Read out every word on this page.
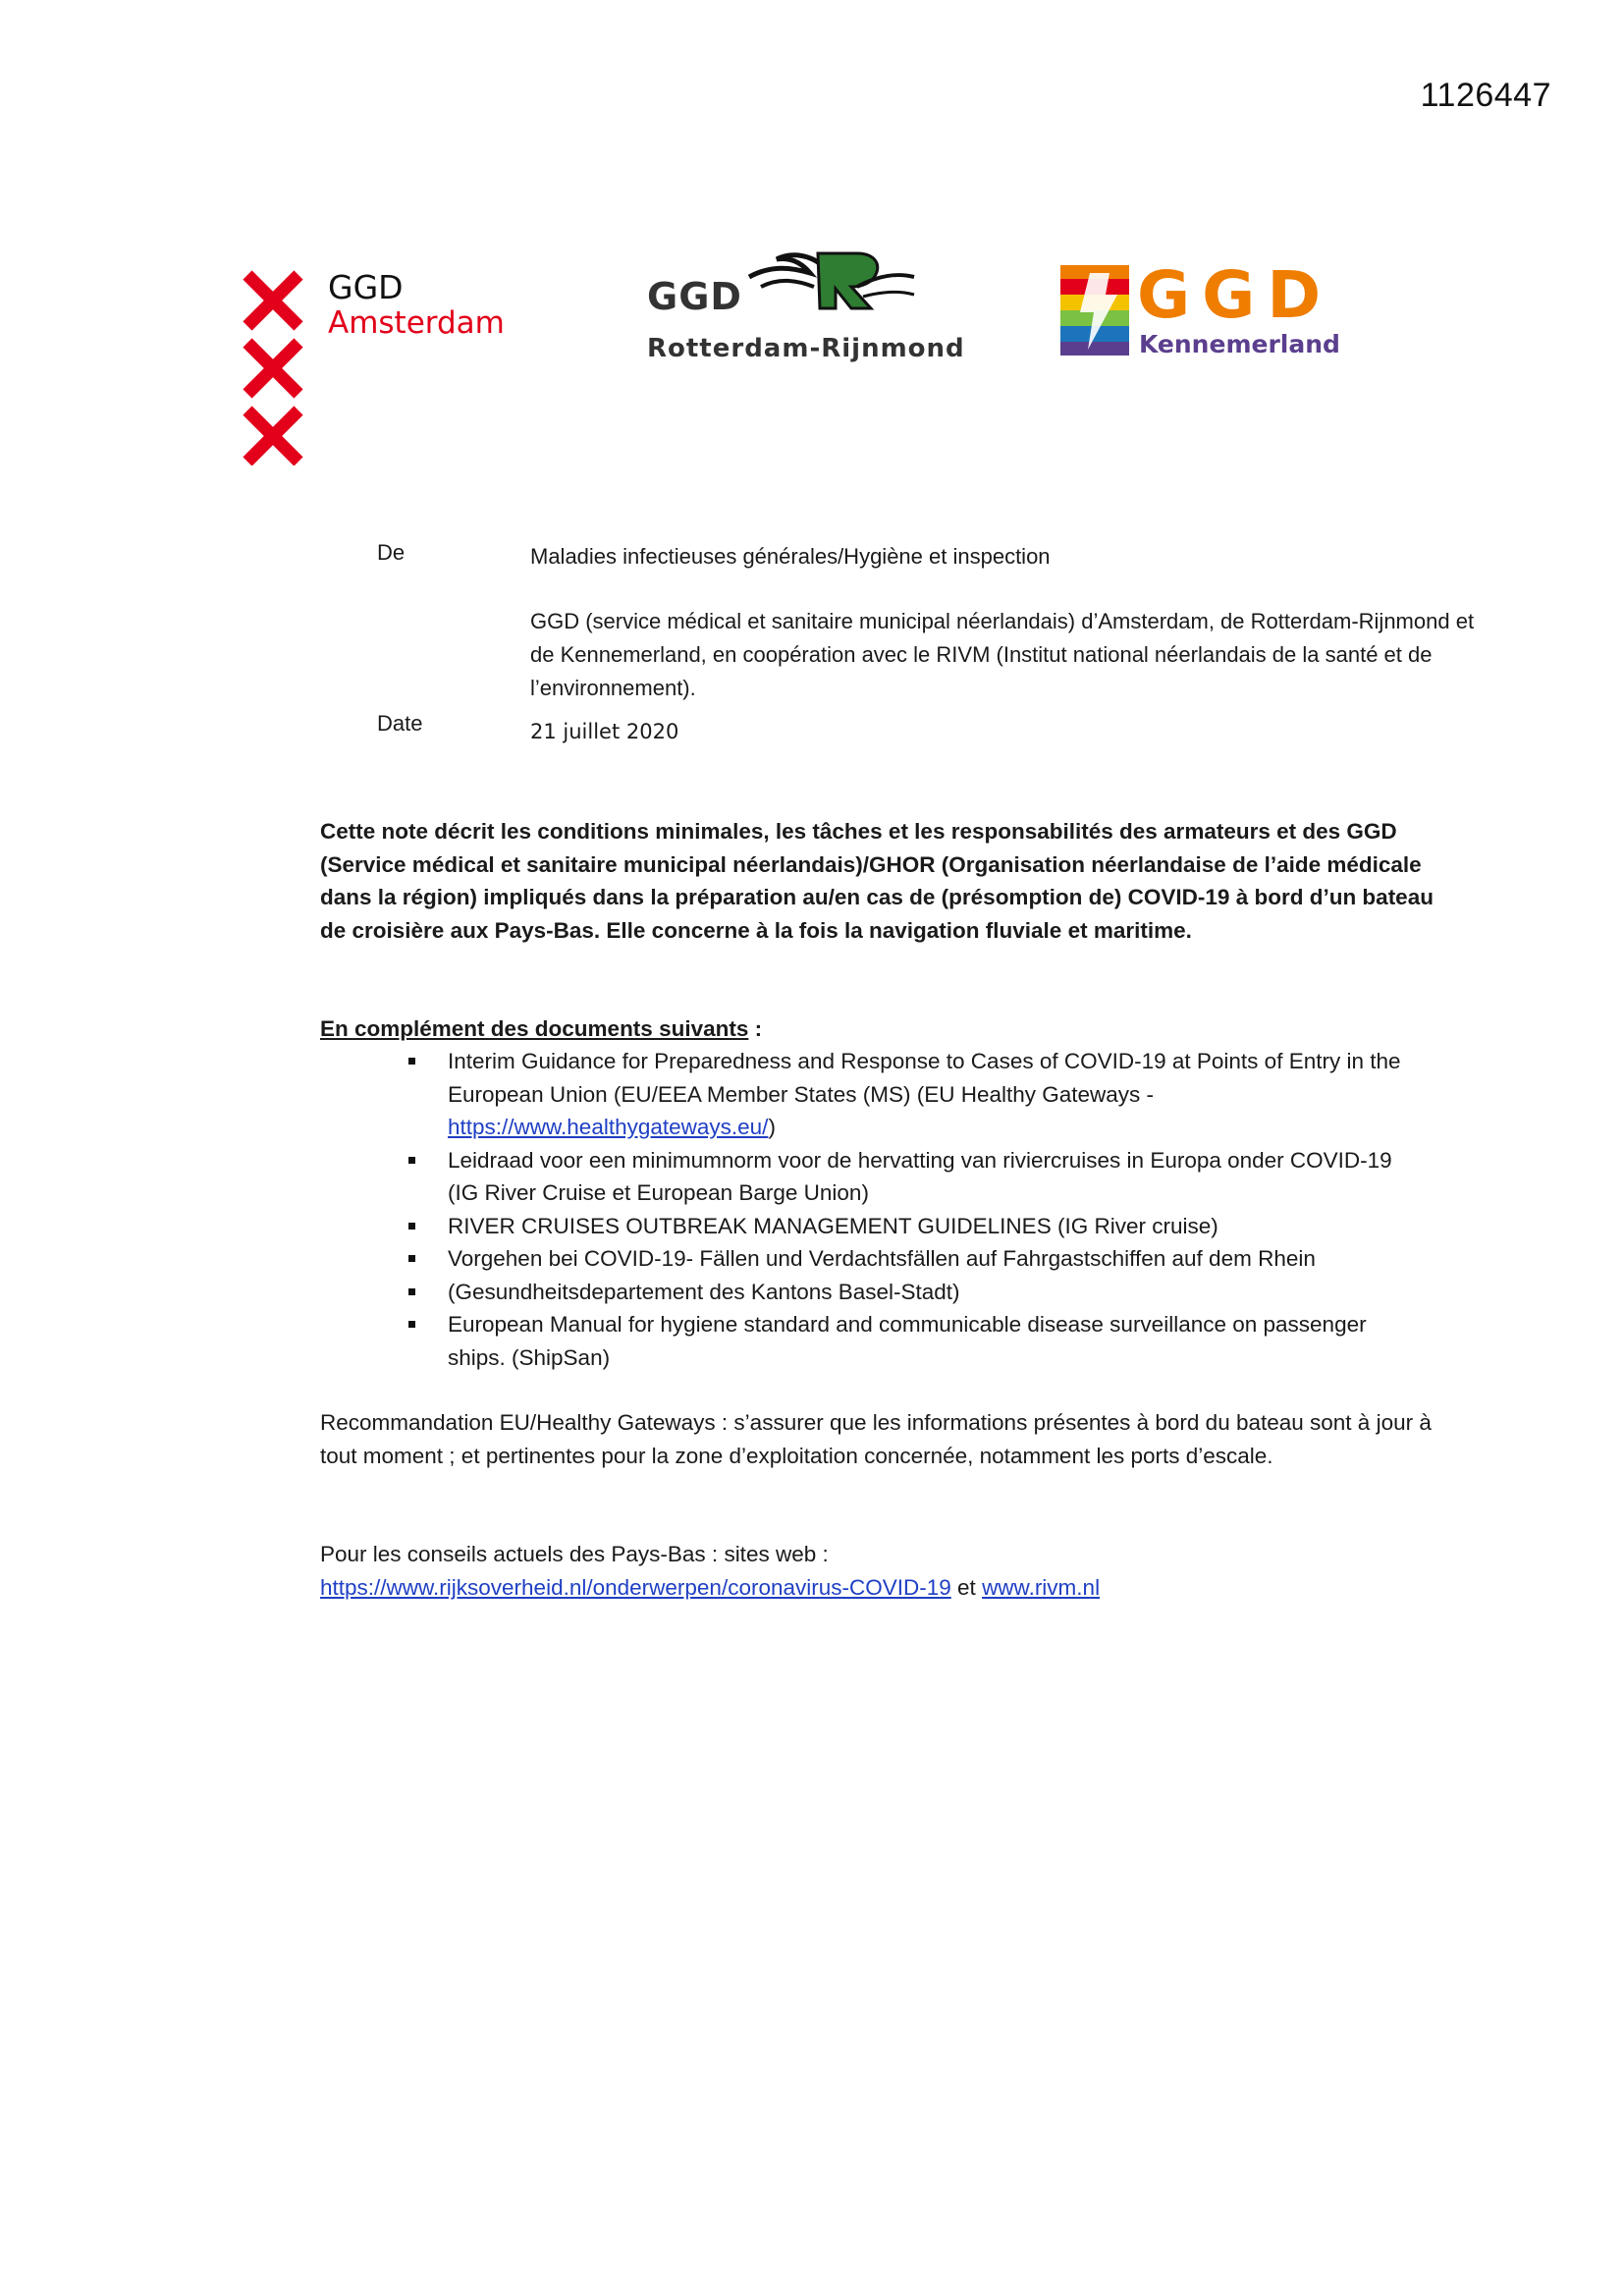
1126447
GGD
Amsterdam
GGD
Rotterdam-Rijnmond
GGD
Kennemerland
De	Maladies infectieuses générales/Hygiène et inspection
GGD (service médical et sanitaire municipal néerlandais) d’Amsterdam, de Rotterdam-Rijnmond et de Kennemerland, en coopération avec le RIVM (Institut national néerlandais de la santé et de l’environnement).
Date	21 juillet 2020
Cette note décrit les conditions minimales, les tâches et les responsabilités des armateurs et des GGD (Service médical et sanitaire municipal néerlandais)/GHOR (Organisation néerlandaise de l’aide médicale dans la région) impliqués dans la préparation au/en cas de (présomption de) COVID-19 à bord d’un bateau de croisière aux Pays-Bas. Elle concerne à la fois la navigation fluviale et maritime.
En complément des documents suivants :
Interim Guidance for Preparedness and Response to Cases of COVID-19 at Points of Entry in the European Union (EU/EEA Member States (MS) (EU Healthy Gateways - https://www.healthygateways.eu/)
Leidraad voor een minimumnorm voor de hervatting van riviercruises in Europa onder COVID-19 (IG River Cruise et European Barge Union)
RIVER CRUISES OUTBREAK MANAGEMENT GUIDELINES (IG River cruise)
Vorgehen bei COVID-19- Fällen und Verdachtsfällen auf Fahrgastschiffen auf dem Rhein
(Gesundheitsdepartement des Kantons Basel-Stadt)
European Manual for hygiene standard and communicable disease surveillance on passenger ships. (ShipSan)
Recommandation EU/Healthy Gateways : s’assurer que les informations présentes à bord du bateau sont à jour à tout moment ; et pertinentes pour la zone d’exploitation concernée, notamment les ports d’escale.
Pour les conseils actuels des Pays-Bas : sites web :
https://www.rijksoverheid.nl/onderwerpen/coronavirus-COVID-19 et www.rivm.nl
